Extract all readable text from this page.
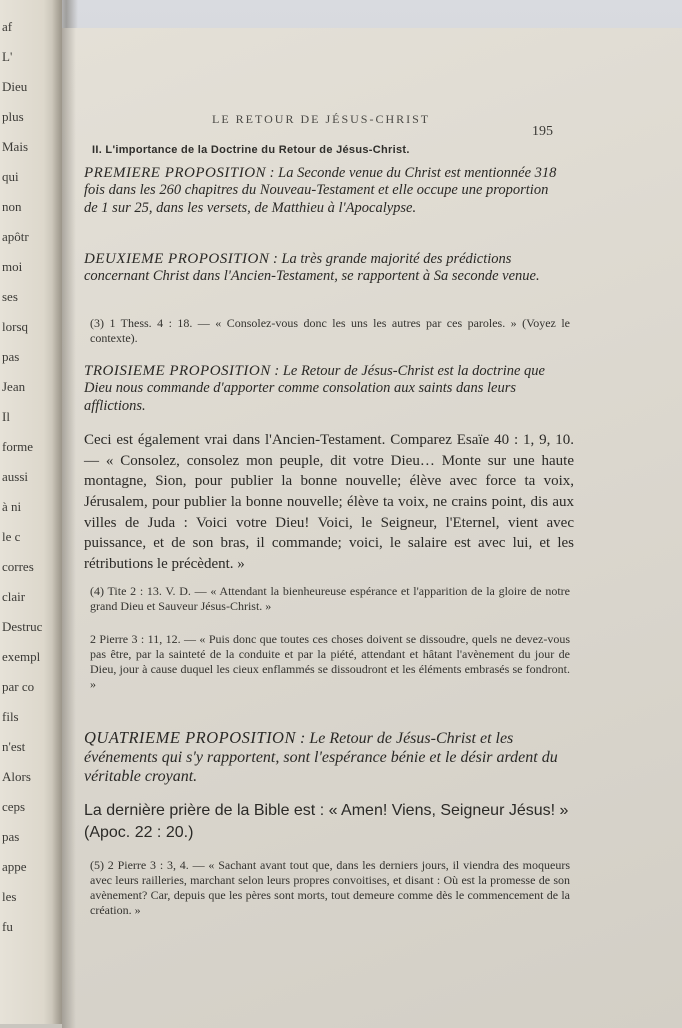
af
L'
Dieu
plus
Mais
qui
non
apôtr
moi
ses
lorsq
pas
Jean
Il
forme
aussi
à ni
le c
corres
clair
Destruc
exempl
par co
fils
n'est
Alors
ceps
pas
appe
les
fu
LE RETOUR DE JÉSUS-CHRIST
195
II. L'importance de la Doctrine du Retour de Jésus-Christ.
PREMIERE PROPOSITION : La Seconde venue du Christ est mentionnée 318 fois dans les 260 chapitres du Nouveau-Testament et elle occupe une proportion de 1 sur 25, dans les versets, de Matthieu à l'Apocalypse.
DEUXIEME PROPOSITION : La très grande majorité des prédictions concernant Christ dans l'Ancien-Testament, se rapportent à Sa seconde venue.
(3) 1 Thess. 4 : 18. — « Consolez-vous donc les uns les autres par ces paroles. » (Voyez le contexte).
TROISIEME PROPOSITION : Le Retour de Jésus-Christ est la doctrine que Dieu nous commande d'apporter comme consolation aux saints dans leurs afflictions.
Ceci est également vrai dans l'Ancien-Testament. Comparez Esaïe 40 : 1, 9, 10. — « Consolez, consolez mon peuple, dit votre Dieu… Monte sur une haute montagne, Sion, pour publier la bonne nouvelle; élève avec force ta voix, Jérusalem, pour publier la bonne nouvelle; élève ta voix, ne crains point, dis aux villes de Juda : Voici votre Dieu! Voici, le Seigneur, l'Eternel, vient avec puissance, et de son bras, il commande; voici, le salaire est avec lui, et les rétributions le précèdent. »
(4) Tite 2 : 13. V. D. — « Attendant la bienheureuse espérance et l'apparition de la gloire de notre grand Dieu et Sauveur Jésus-Christ. »
2 Pierre 3 : 11, 12. — « Puis donc que toutes ces choses doivent se dissoudre, quels ne devez-vous pas être, par la sainteté de la conduite et par la piété, attendant et hâtant l'avènement du jour de Dieu, jour à cause duquel les cieux enflammés se dissoudront et les éléments embrasés se fondront. »
QUATRIEME PROPOSITION : Le Retour de Jésus-Christ et les événements qui s'y rapportent, sont l'espérance bénie et le désir ardent du véritable croyant.
La dernière prière de la Bible est : « Amen! Viens, Seigneur Jésus! » (Apoc. 22 : 20.)
(5) 2 Pierre 3 : 3, 4. — « Sachant avant tout que, dans les derniers jours, il viendra des moqueurs avec leurs railleries, marchant selon leurs propres convoitises, et disant : Où est la promesse de son avènement? Car, depuis que les pères sont morts, tout demeure comme dès le commencement de la création. »
